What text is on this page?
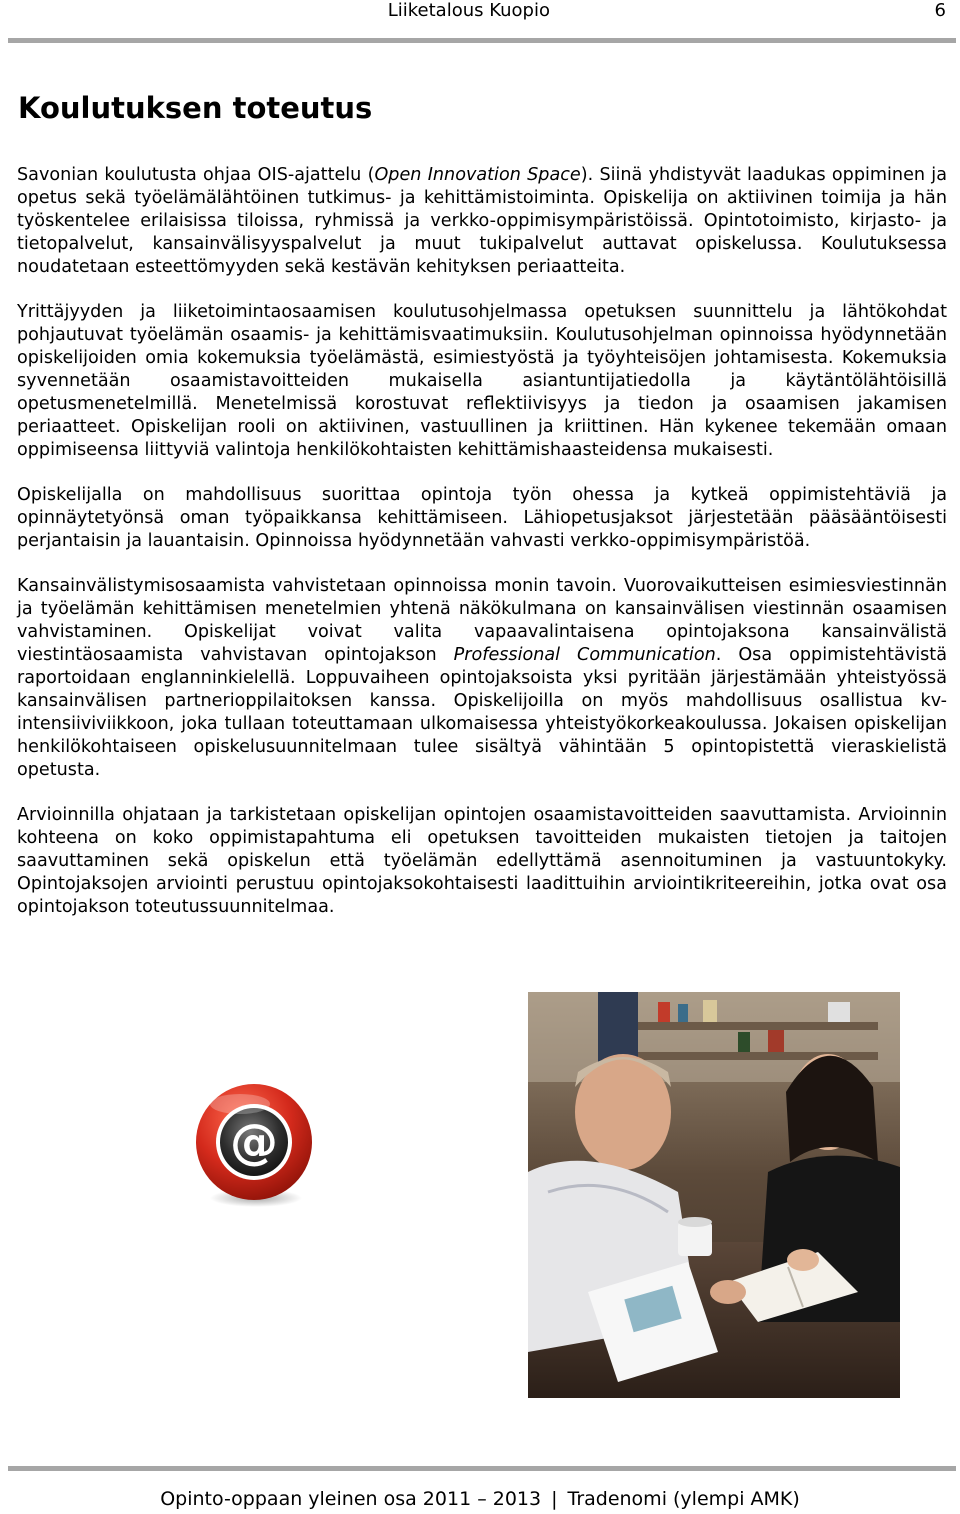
Liiketalous Kuopio	6
Koulutuksen toteutus

Savonian koulutusta ohjaa OIS-ajattelu (Open Innovation Space). Siinä yhdistyvät laadukas oppiminen ja opetus sekä työelämälähtöinen tutkimus- ja kehittämistoiminta. Opiskelija on aktiivinen toimija ja hän työskentelee erilaisissa tiloissa, ryhmissä ja verkko-oppimisympäristöissä. Opintotoimisto, kirjasto- ja tietopalvelut, kansainvälisyyspalvelut ja muut tukipalvelut auttavat opiskelussa. Koulutuksessa noudatetaan esteettömyyden sekä kestävän kehityksen periaatteita.

Yrittäjyyden ja liiketoimintaosaamisen koulutusohjelmassa opetuksen suunnittelu ja lähtökohdat pohjautuvat työelämän osaamis- ja kehittämisvaatimuksiin. Koulutusohjelman opinnoissa hyödynnetään opiskelijoiden omia kokemuksia työelämästä, esimiestyöstä ja työyhteisöjen johtamisesta. Kokemuksia syvennetään osaamistavoitteiden mukaisella asiantuntijatiedolla ja käytäntölähtöisillä opetusmenetelmillä. Menetelmissä korostuvat reflektiivisyys ja tiedon ja osaamisen jakamisen periaatteet. Opiskelijan rooli on aktiivinen, vastuullinen ja kriittinen. Hän kykenee tekemään omaan oppimiseensa liittyviä valintoja henkilökohtaisten kehittämishaasteidensa mukaisesti.

Opiskelijalla on mahdollisuus suorittaa opintoja työn ohessa ja kytkeä oppimistehtäviä ja opinnäytetyönsä oman työpaikkansa kehittämiseen. Lähiopetusjaksot järjestetään pääsääntöisesti perjantaisin ja lauantaisin. Opinnoissa hyödynnetään vahvasti verkko-oppimisympäristöä.

Kansainvälistymisosaamista vahvistetaan opinnoissa monin tavoin. Vuorovaikutteisen esimiesviestinnän ja työelämän kehittämisen menetelmien yhtenä näkökulmana on kansainvälisen viestinnän osaamisen vahvistaminen. Opiskelijat voivat valita vapaavalintaisena opintojaksona kansainvälistä viestintäosaamista vahvistavan opintojakson Professional Communication. Osa oppimistehtävistä raportoidaan englanninkielellä. Loppuvaiheen opintojaksoista yksi pyritään järjestämään yhteistyössä kansainvälisen partnerioppilaitoksen kanssa. Opiskelijoilla on myös mahdollisuus osallistua kv-intensiiviviikkoon, joka tullaan toteuttamaan ulkomaisessa yhteistyökorkeakoulussa. Jokaisen opiskelijan henkilökohtaiseen opiskelusuunnitelmaan tulee sisältyä vähintään 5 opintopistettä vieraskielistä opetusta.

Arvioinnilla ohjataan ja tarkistetaan opiskelijan opintojen osaamistavoitteiden saavuttamista. Arvioinnin kohteena on koko oppimistapahtuma eli opetuksen tavoitteiden mukaisten tietojen ja taitojen saavuttaminen sekä opiskelun että työelämän edellyttämä asennoituminen ja vastuuntokyky. Opintojaksojen arviointi perustuu opintojaksokohtaisesti laadittuihin arviointikriteereihin, jotka ovat osa opintojakson toteutussuunnitelmaa.

@
Opinto-oppaan yleinen osa 2011 – 2013 | Tradenomi (ylempi AMK)
